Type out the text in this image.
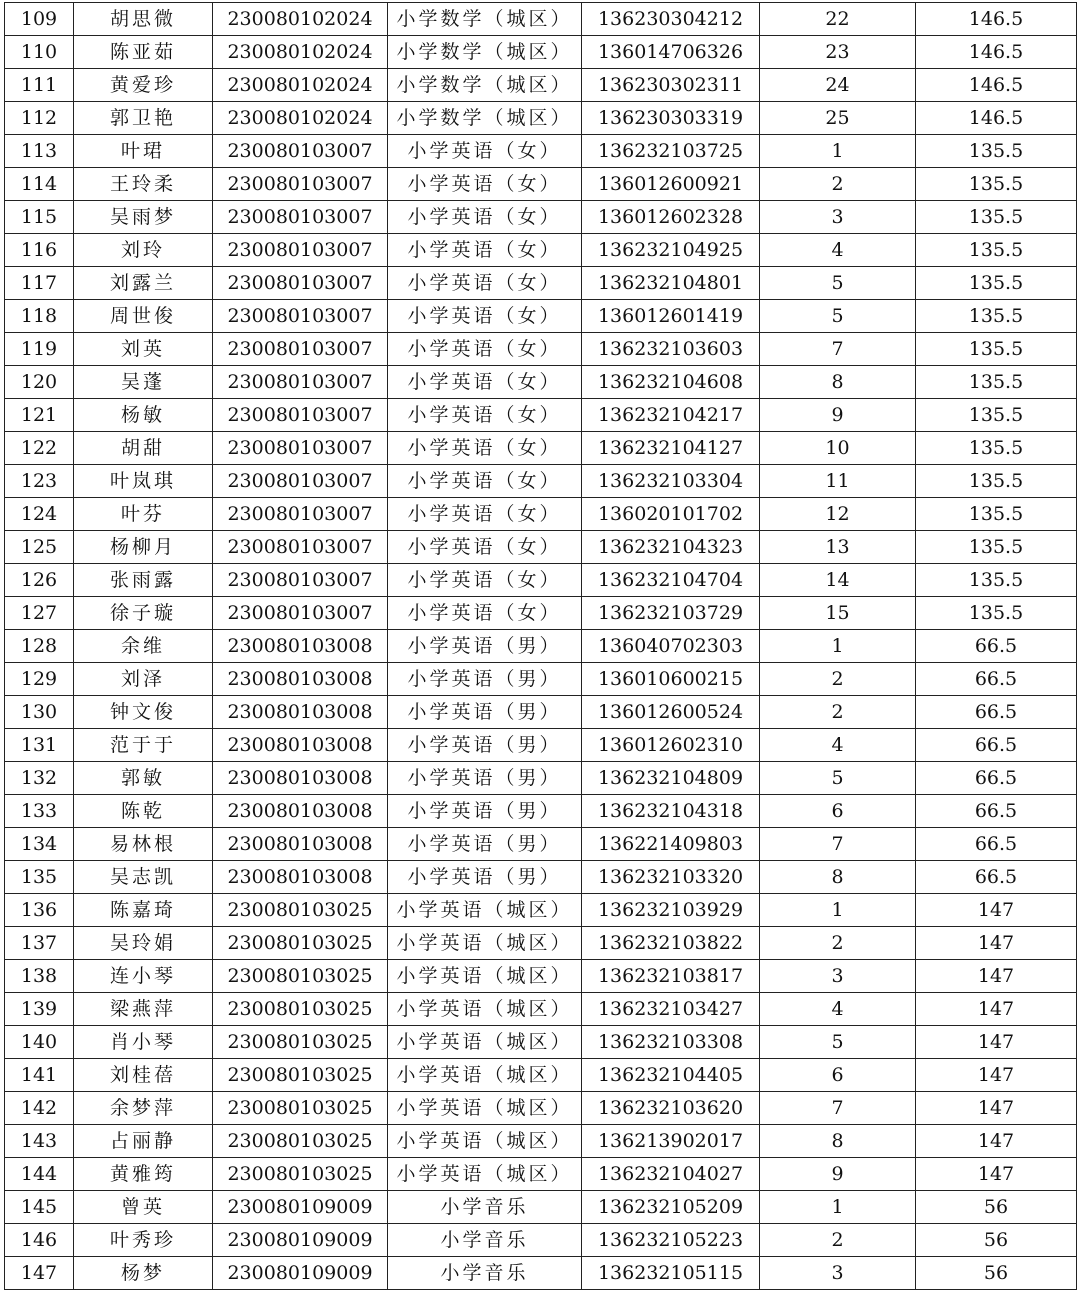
109	胡思微	230080102024	小学数学（城区）	136230304212	22	146.5
110	陈亚茹	230080102024	小学数学（城区）	136014706326	23	146.5
111	黄爱珍	230080102024	小学数学（城区）	136230302311	24	146.5
112	郭卫艳	230080102024	小学数学（城区）	136230303319	25	146.5
113	叶珺	230080103007	小学英语（女）	136232103725	1	135.5
114	王玲柔	230080103007	小学英语（女）	136012600921	2	135.5
115	吴雨梦	230080103007	小学英语（女）	136012602328	3	135.5
116	刘玲	230080103007	小学英语（女）	136232104925	4	135.5
117	刘露兰	230080103007	小学英语（女）	136232104801	5	135.5
118	周世俊	230080103007	小学英语（女）	136012601419	5	135.5
119	刘英	230080103007	小学英语（女）	136232103603	7	135.5
120	吴蓬	230080103007	小学英语（女）	136232104608	8	135.5
121	杨敏	230080103007	小学英语（女）	136232104217	9	135.5
122	胡甜	230080103007	小学英语（女）	136232104127	10	135.5
123	叶岚琪	230080103007	小学英语（女）	136232103304	11	135.5
124	叶芬	230080103007	小学英语（女）	136020101702	12	135.5
125	杨柳月	230080103007	小学英语（女）	136232104323	13	135.5
126	张雨露	230080103007	小学英语（女）	136232104704	14	135.5
127	徐子璇	230080103007	小学英语（女）	136232103729	15	135.5
128	余维	230080103008	小学英语（男）	136040702303	1	66.5
129	刘泽	230080103008	小学英语（男）	136010600215	2	66.5
130	钟文俊	230080103008	小学英语（男）	136012600524	2	66.5
131	范于于	230080103008	小学英语（男）	136012602310	4	66.5
132	郭敏	230080103008	小学英语（男）	136232104809	5	66.5
133	陈乾	230080103008	小学英语（男）	136232104318	6	66.5
134	易林根	230080103008	小学英语（男）	136221409803	7	66.5
135	吴志凯	230080103008	小学英语（男）	136232103320	8	66.5
136	陈嘉琦	230080103025	小学英语（城区）	136232103929	1	147
137	吴玲娟	230080103025	小学英语（城区）	136232103822	2	147
138	连小琴	230080103025	小学英语（城区）	136232103817	3	147
139	梁燕萍	230080103025	小学英语（城区）	136232103427	4	147
140	肖小琴	230080103025	小学英语（城区）	136232103308	5	147
141	刘桂蓓	230080103025	小学英语（城区）	136232104405	6	147
142	余梦萍	230080103025	小学英语（城区）	136232103620	7	147
143	占丽静	230080103025	小学英语（城区）	136213902017	8	147
144	黄雅筠	230080103025	小学英语（城区）	136232104027	9	147
145	曾英	230080109009	小学音乐	136232105209	1	56
146	叶秀珍	230080109009	小学音乐	136232105223	2	56
147	杨梦	230080109009	小学音乐	136232105115	3	56
